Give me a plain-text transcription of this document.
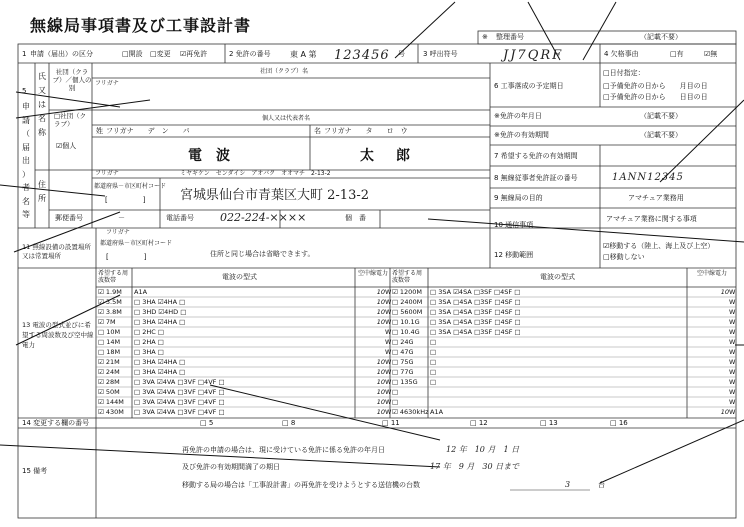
無線局事項書及び工事設計書
※ 整理番号	（記載不要）
1 申請（届出）の区分	□開設 □変更 ☑再免許	2 免許の番号 東 A 第 123456 号	3 呼出符号	JJ7QRF	4 欠格事由	□有	☑無
5
氏
又
は
名
称
申
請
（
届
出
）
者
名
等
社団（クラブ）／個人の別
□社団（クラブ）
☑個人
フリガナ
社団（クラブ）名
個人又は代表者名
姓 フリガナ　　デ　ン　　パ	名 フリガナ　　タ　　ロ　ウ
電　波	太　郎
住　所
フリガナ	ミヤギケン　センダイシ　アオバク　オオマチ　2-13-2
都道府県－市区町村コード
[　　　　　]	宮城県仙台市青葉区大町 2-13-2
郵便番号	－	電話番号 022-224-××××	個　番
6 工事落成の予定期日
□日付指定：
□予備免許の日から　　月目の日
□予備免許の日から　　日目の日
※免許の年月日	（記載不要）
※免許の有効期間	（記載不要）
7 希望する免許の有効期間
8 無線従事者免許証の番号	1ANN12345
9 無線局の目的	アマチュア業務用
10 通信事項
アマチュア業務に関する事項
12 移動範囲
☑移動する（陸上、海上及び上空）
□移動しない
11 無線設備の設置場所又は常置場所
フリガナ
都道府県－市区町村コード
[　　　　　]	住所と同じ場合は省略できます。
13 電波の型式並びに希望する周波数及び空中線電力
希望する周波数帯	電波の型式	空中線電力 希望する周波数帯	電波の型式	空中線電力
☑ 1.9M	A1A	10 W
☑ 3.5M	□ 3HA ☑4HA □	10 W
☑ 3.8M	□ 3HD ☑4HD □	10 W
☑ 7M	□ 3HA ☑4HA □	10 W
□ 10M	□ 2HC □	W
□ 14M	□ 2HA □	W
□ 18M	□ 3HA □	W
☑ 21M	□ 3HA ☑4HA □	10 W
☑ 24M	□ 3HA ☑4HA □	10 W
☑ 28M	□ 3VA ☑4VA □3VF □4VF □	10 W
☑ 50M	□ 3VA ☑4VA □3VF □4VF □	10 W
☑ 144M	□ 3VA ☑4VA □3VF □4VF □	10 W
☑ 430M	□ 3VA ☑4VA □3VF □4VF □	10 W
☑ 1200M	□ 3SA ☑4SA □3SF □4SF □	10 W
□ 2400M	□ 3SA □4SA □3SF □4SF □	W
□ 5600M	□ 3SA □4SA □3SF □4SF □	W
□ 10.1G	□ 3SA □4SA □3SF □4SF □	W
□ 10.4G	□ 3SA □4SA □3SF □4SF □	W
□ 24G	□	W
□ 47G	□	W
□ 75G	□	W
□ 77G	□	W
□ 135G	□	W
□	W
□	W
☑ 4630kHz A1A	10 W
14 変更する欄の番号	□ 5	□ 8	□ 11	□ 12	□ 13	□ 16
15 備考
再免許の申請の場合は、現に受けている免許に係る免許の年月日	12 年　10 月　1 日
及び免許の有効期間満了の期日	17 年　9 月　30 日まで
移動する局の場合は「工事設計書」の再免許を受けようとする送信機の台数	3	台
